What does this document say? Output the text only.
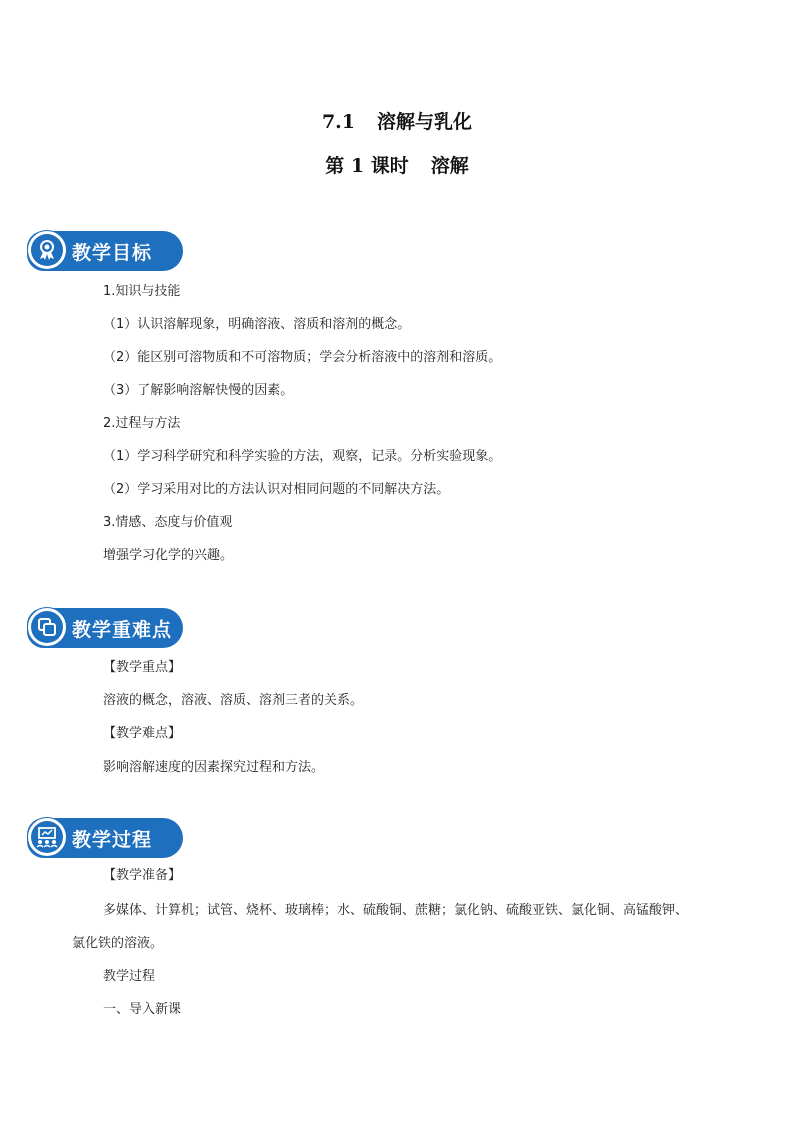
7.1 溶解与乳化
第 1 课时 溶解
教学目标
1.知识与技能
（1）认识溶解现象，明确溶液、溶质和溶剂的概念。
（2）能区别可溶物质和不可溶物质；学会分析溶液中的溶剂和溶质。
（3）了解影响溶解快慢的因素。
2.过程与方法
（1）学习科学研究和科学实验的方法，观察，记录。分析实验现象。
（2）学习采用对比的方法认识对相同问题的不同解决方法。
3.情感、态度与价值观
增强学习化学的兴趣。
教学重难点
【教学重点】
溶液的概念，溶液、溶质、溶剂三者的关系。
【教学难点】
影响溶解速度的因素探究过程和方法。
教学过程
【教学准备】
多媒体、计算机；试管、烧杯、玻璃棒；水、硫酸铜、蔗糖；氯化钠、硫酸亚铁、氯化铜、高锰酸钾、
氯化铁的溶液。
教学过程
一、导入新课
